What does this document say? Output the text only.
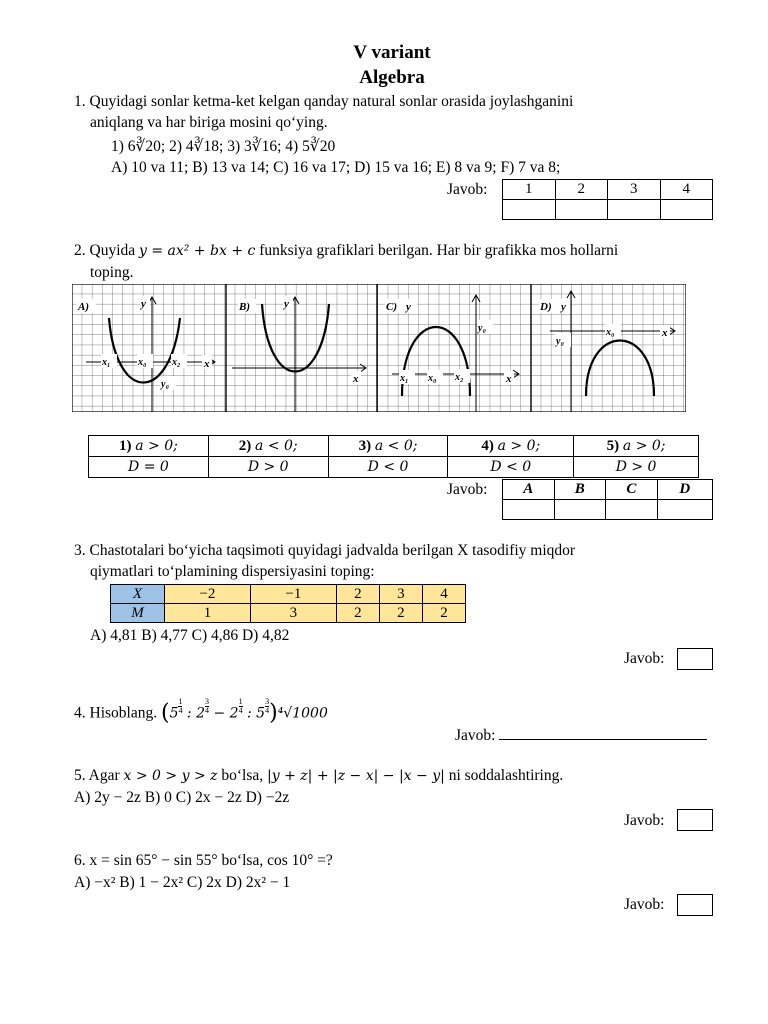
V variant
Algebra
1. Quyidagi sonlar ketma-ket kelgan qanday natural sonlar orasida joylashganini
aniqlang va har biriga mosini qo‘ying.
1) 6∛20; 2) 4∛18; 3) 3∛16; 4) 5∛20
A) 10 va 11; B) 13 va 14; C) 16 va 17; D) 15 va 16; E) 8 va 9; F) 7 va 8;
Javob:	1	2	3	4

2. Quyida y = ax² + bx + c funksiya grafiklari berilgan. Har bir grafikka mos hollarni
toping.
A)	y
x
x₁	x₀	x₂
y₀
B)	y
x
C) y
y₀
x₁ x₀ x₂	x
D) y
x₀
y₀
x
1) a > 0;	2) a < 0;	3) a < 0;	4) a > 0;	5) a > 0;
D = 0	D > 0	D < 0	D < 0	D > 0
Javob: A	B	C	D

3. Chastotalari bo‘yicha taqsimoti quyidagi jadvalda berilgan X tasodifiy miqdor
qiymatlari to‘plamining dispersiyasini toping:
X	−2	−1	2	3	4
M	1	3	2	2	2
A) 4,81 B) 4,77 C) 4,86 D) 4,82
Javob:
4. Hisoblang. ($5 \frac{1}{4}$ : $2 \frac{3}{4} - 2 \frac{1}{4}$ : $5 \frac{3}{4} )^4√1000$
Javob:
5. Agar x > 0 > y > z bo‘lsa, |y + z| + |z − x| − |x − y| ni soddalashtiring.
A) 2y − 2z B) 0 C) 2x − 2z D) −2z
Javob:
6. x = sin 65° − sin 55° bo‘lsa, cos 10° =?
A) −x² B) 1 − 2x² C) 2x D) 2x² − 1
Javob:
